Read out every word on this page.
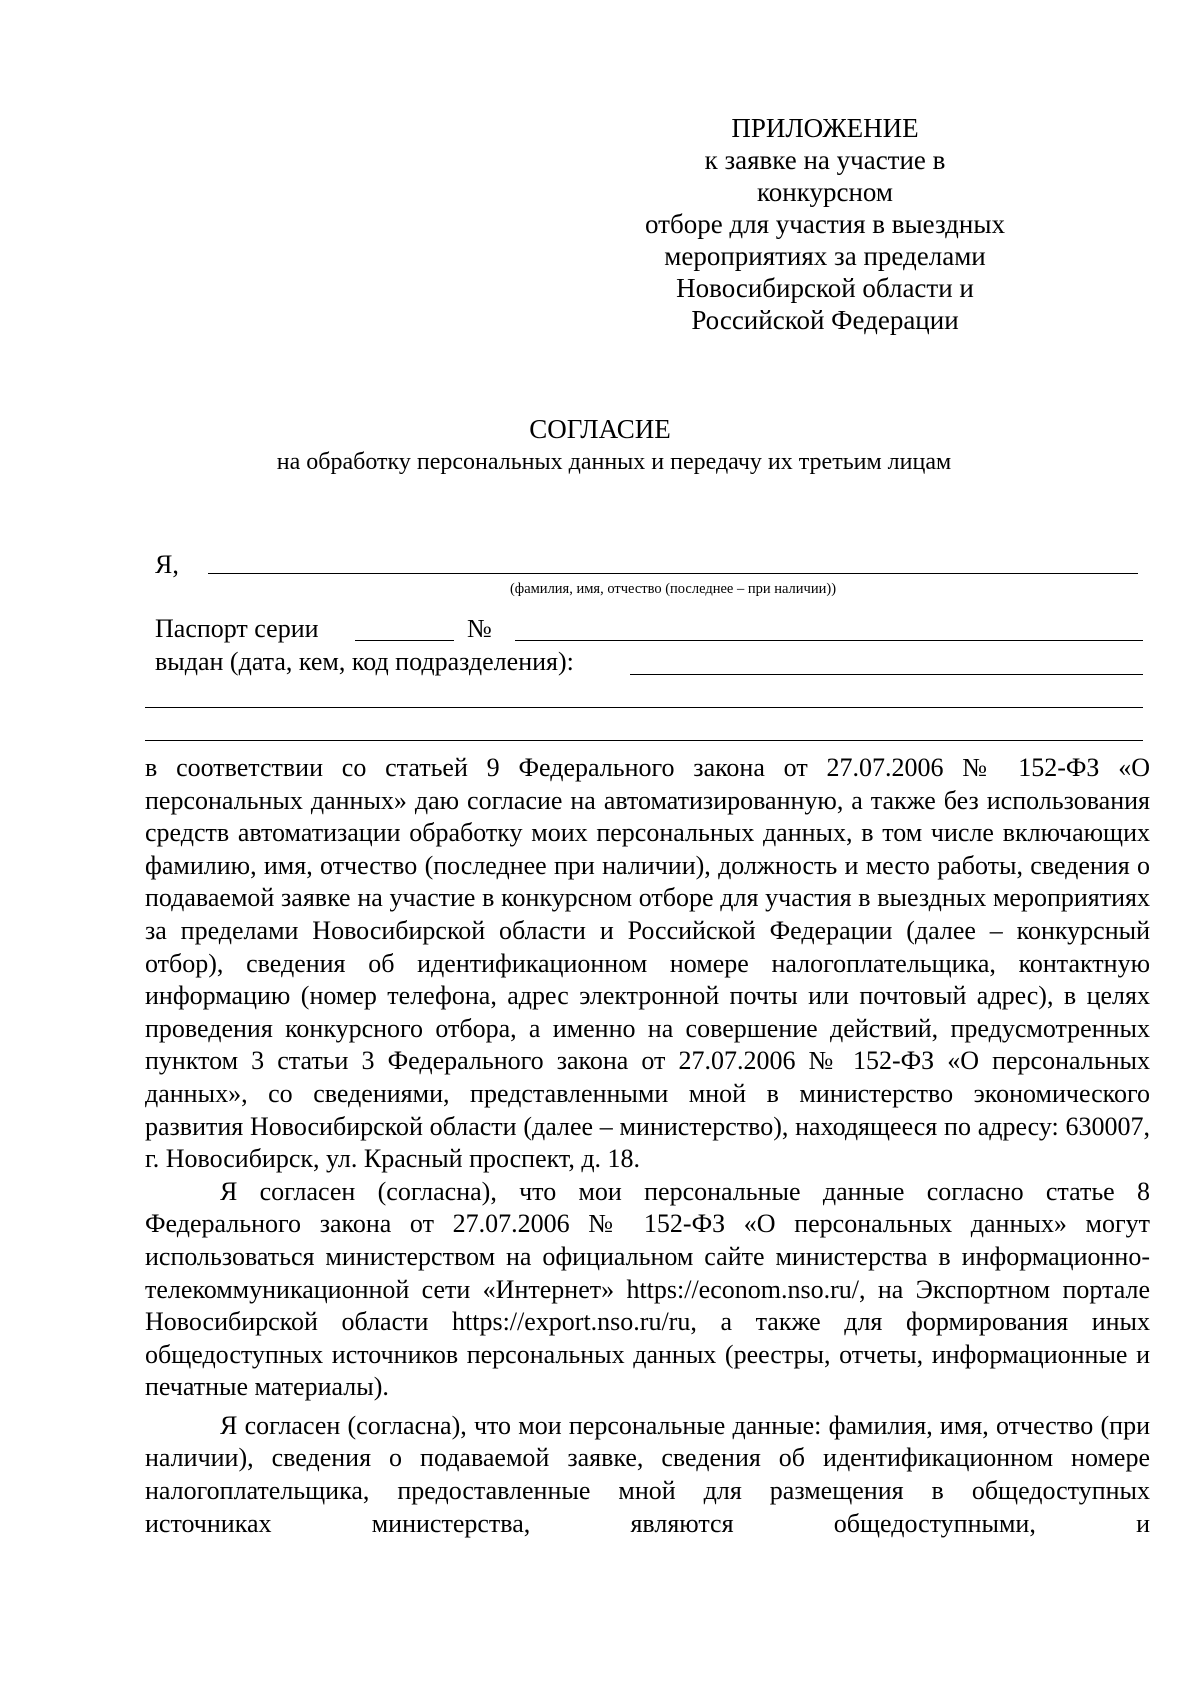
ПРИЛОЖЕНИЕ
к заявке на участие в конкурсном
отборе для участия в выездных
мероприятиях за пределами
Новосибирской области и
Российской Федерации
СОГЛАСИЕ
на обработку персональных данных и передачу их третьим лицам
Я,
(фамилия, имя, отчество (последнее – при наличии))
Паспорт серии	№
выдан (дата, кем, код подразделения):

в соответствии со статьей 9 Федерального закона от 27.07.2006 № 152-ФЗ «О персональных данных» даю согласие на автоматизированную, а также без использования средств автоматизации обработку моих персональных данных, в том числе включающих фамилию, имя, отчество (последнее при наличии), должность и место работы, сведения о подаваемой заявке на участие в конкурсном отборе для участия в выездных мероприятиях за пределами Новосибирской области и Российской Федерации (далее – конкурсный отбор), сведения об идентификационном номере налогоплательщика, контактную информацию (номер телефона, адрес электронной почты или почтовый адрес), в целях проведения конкурсного отбора, а именно на совершение действий, предусмотренных пунктом 3 статьи 3 Федерального закона от 27.07.2006 № 152-ФЗ «О персональных данных», со сведениями, представленными мной в министерство экономического развития Новосибирской области (далее – министерство), находящееся по адресу: 630007, г. Новосибирск, ул. Красный проспект, д. 18.

Я согласен (согласна), что мои персональные данные согласно статье 8 Федерального закона от 27.07.2006 № 152-ФЗ «О персональных данных» могут использоваться министерством на официальном сайте министерства в информационно-телекоммуникационной сети «Интернет» https://econom.nso.ru/, на Экспортном портале Новосибирской области https://export.nso.ru/ru, а также для формирования иных общедоступных источников персональных данных (реестры, отчеты, информационные и печатные материалы).

Я согласен (согласна), что мои персональные данные: фамилия, имя, отчество (при наличии), сведения о подаваемой заявке, сведения об идентификационном номере налогоплательщика, предоставленные мной для размещения в общедоступных источниках министерства, являются общедоступными, и
